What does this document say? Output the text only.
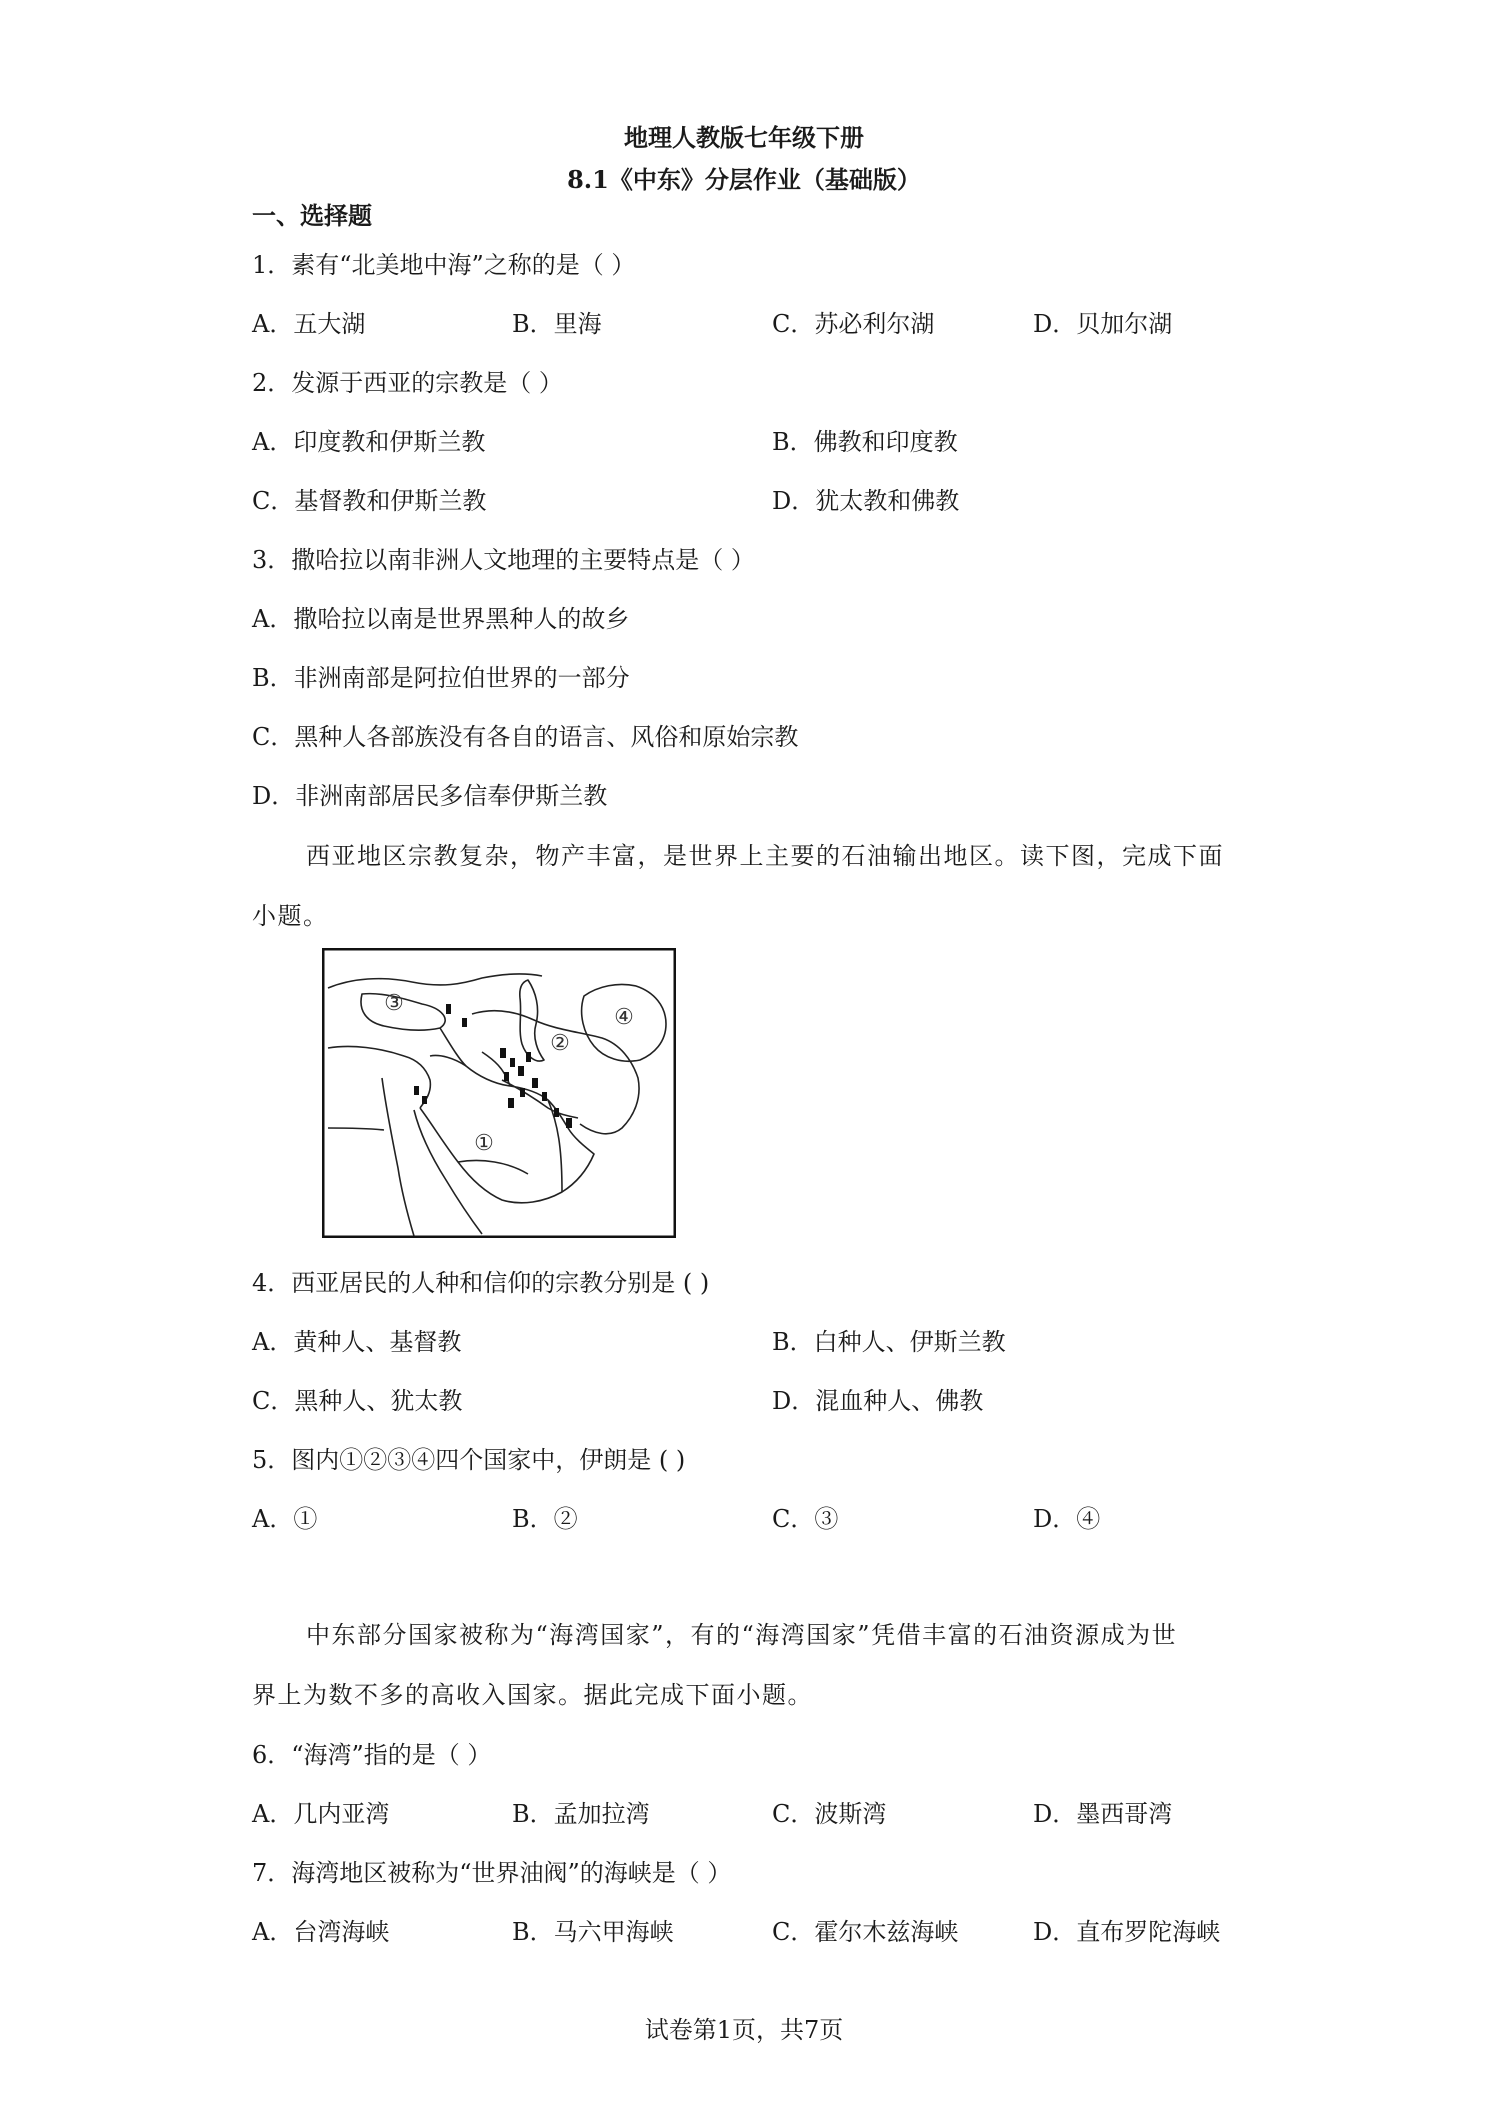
地理人教版七年级下册
8.1《中东》分层作业（基础版）
一、选择题
1．素有“北美地中海”之称的是（ ）
A．五大湖	B．里海	C．苏必利尔湖	D．贝加尔湖
2．发源于西亚的宗教是（ ）
A．印度教和伊斯兰教	B．佛教和印度教
C．基督教和伊斯兰教	D．犹太教和佛教
3．撒哈拉以南非洲人文地理的主要特点是（ ）
A．撒哈拉以南是世界黑种人的故乡
B．非洲南部是阿拉伯世界的一部分
C．黑种人各部族没有各自的语言、风俗和原始宗教
D．非洲南部居民多信奉伊斯兰教
西亚地区宗教复杂，物产丰富，是世界上主要的石油输出地区。读下图，完成下面
小题。
①
②
③
④
4．西亚居民的人种和信仰的宗教分别是 ( )
A．黄种人、基督教	B．白种人、伊斯兰教
C．黑种人、犹太教	D．混血种人、佛教
5．图内①②③④四个国家中，伊朗是 ( )
A．①	B．②	C．③	D．④
中东部分国家被称为“海湾国家”，有的“海湾国家”凭借丰富的石油资源成为世
界上为数不多的高收入国家。据此完成下面小题。
6．“海湾”指的是（ ）
A．几内亚湾	B．孟加拉湾	C．波斯湾	D．墨西哥湾
7．海湾地区被称为“世界油阀”的海峡是（ ）
A．台湾海峡	B．马六甲海峡	C．霍尔木兹海峡	D．直布罗陀海峡
试卷第1页，共7页
